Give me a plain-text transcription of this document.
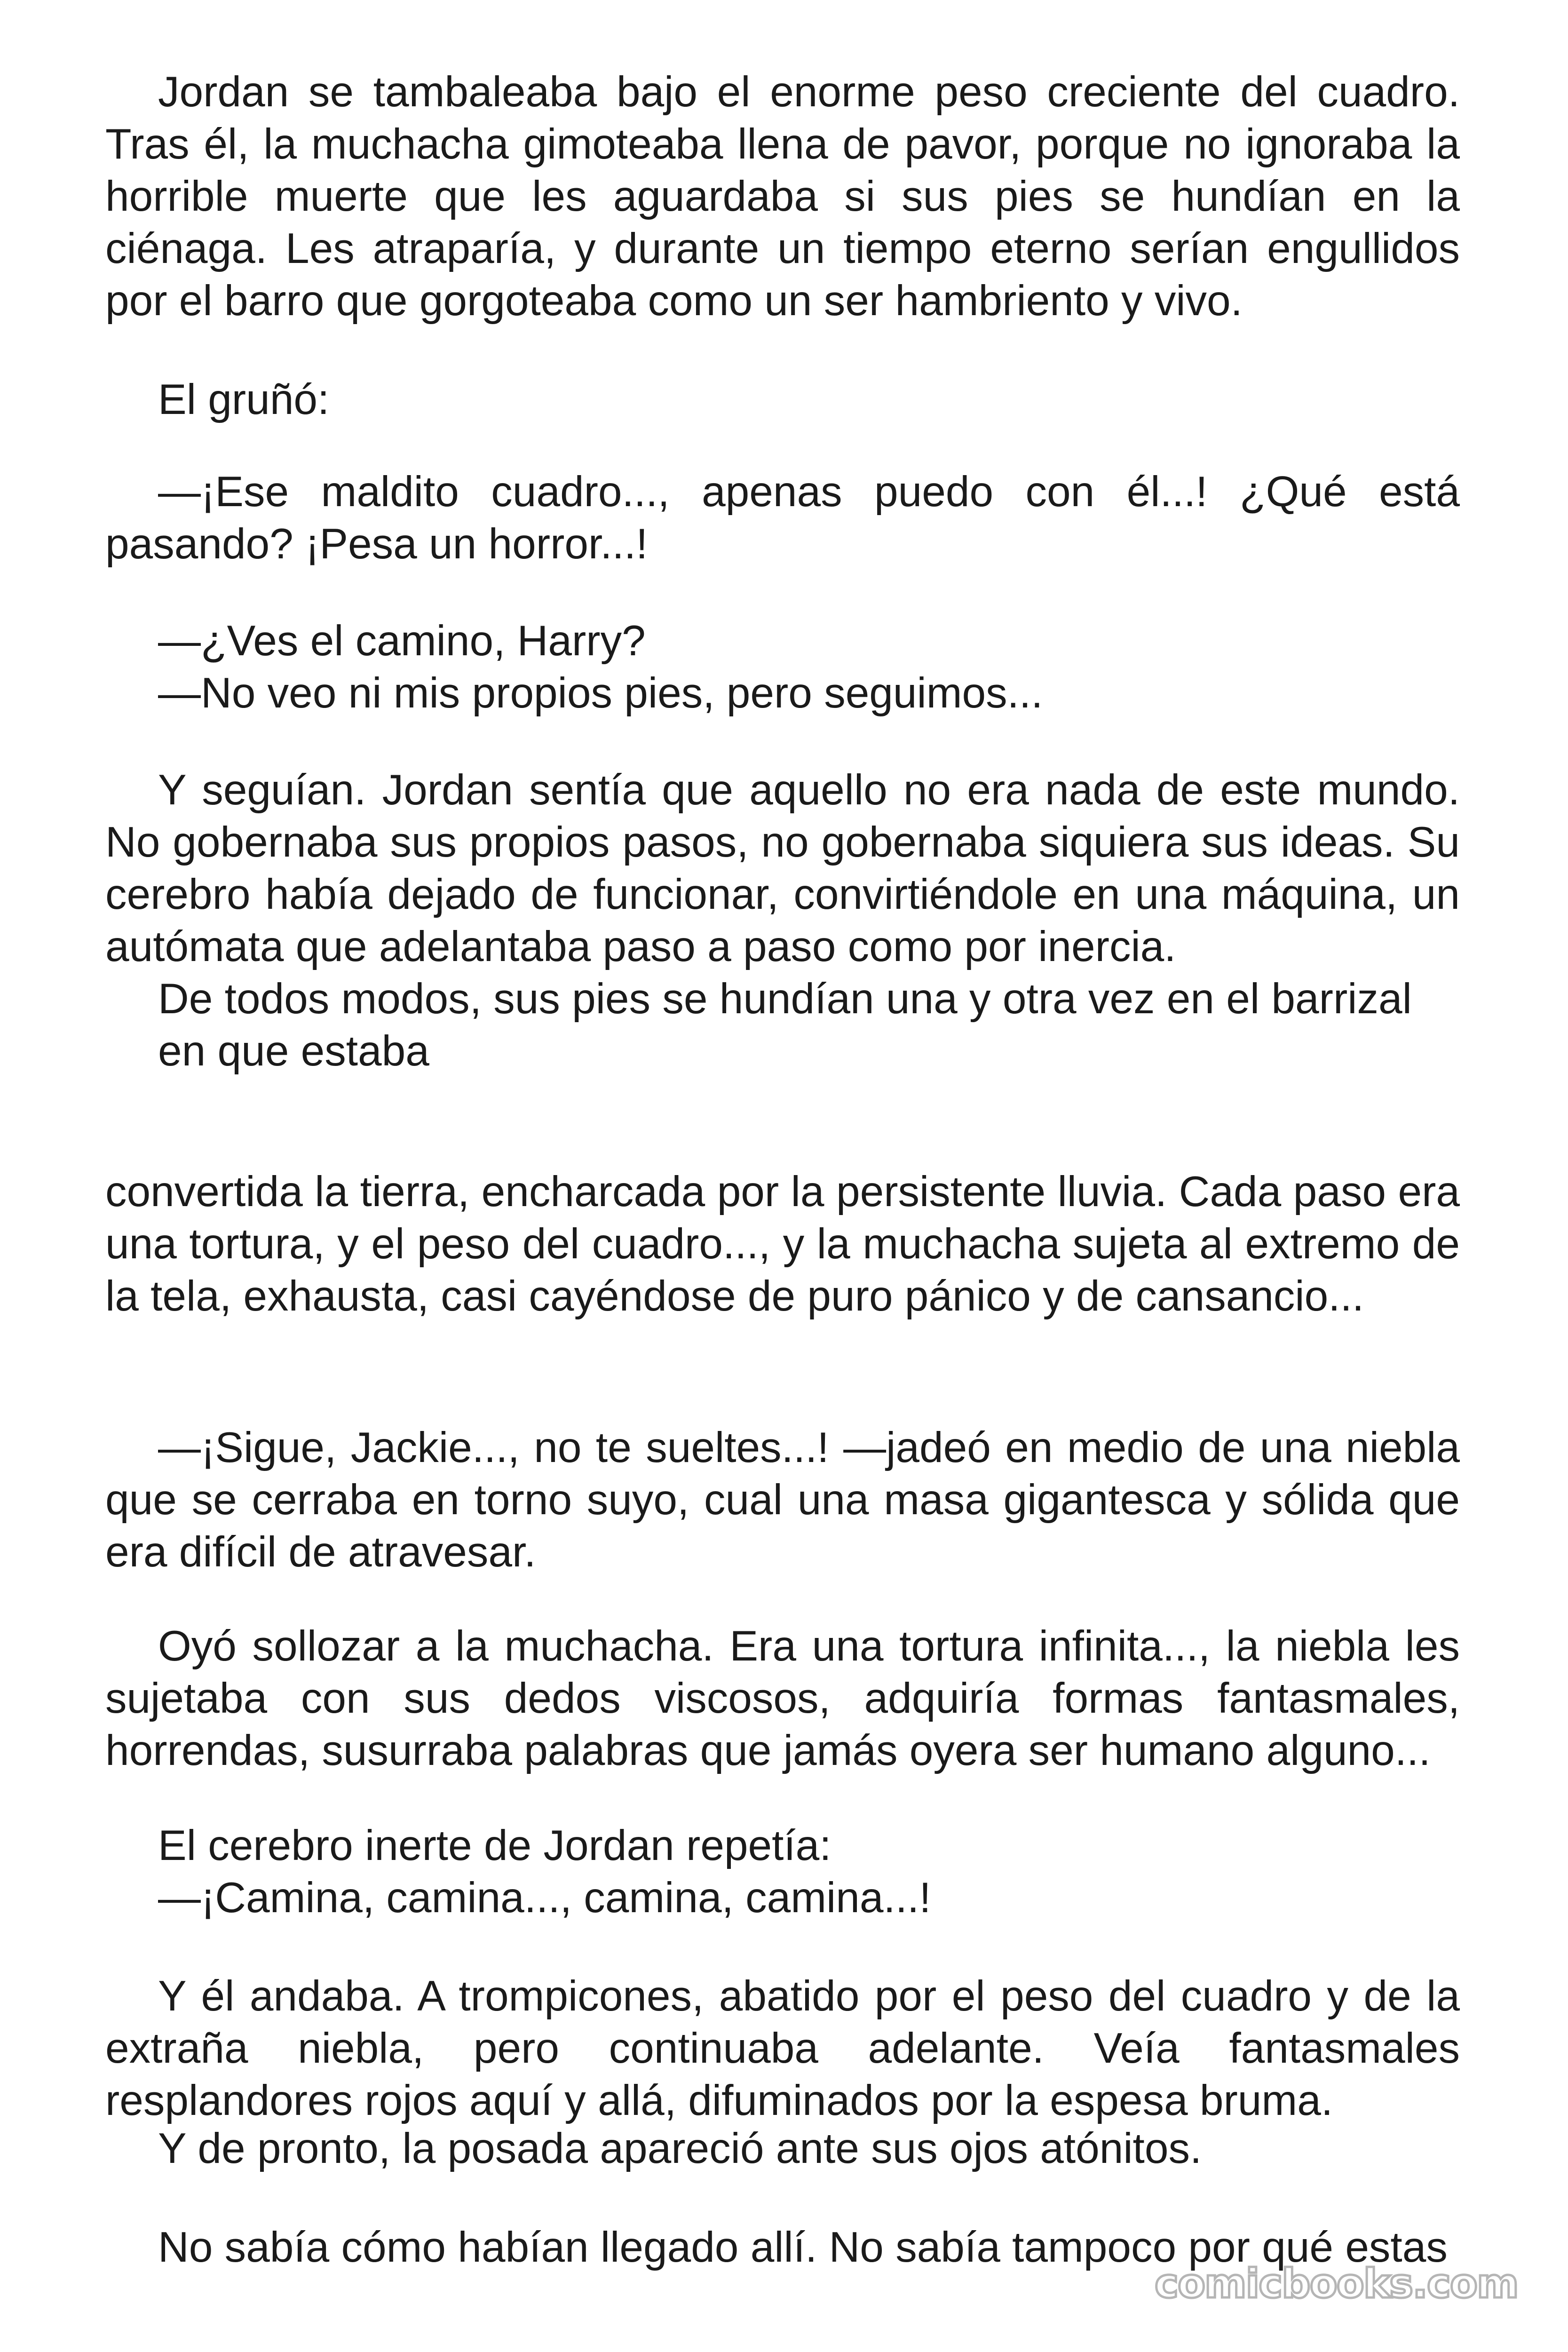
Jordan se tambaleaba bajo el enorme peso creciente del cuadro. Tras él, la muchacha gimoteaba llena de pavor, porque no ignoraba la horrible muerte que les aguardaba si sus pies se hundían en la ciénaga. Les atraparía, y durante un tiempo eterno serían engullidos por el barro que gorgoteaba como un ser hambriento y vivo.

El gruñó:

—¡Ese maldito cuadro..., apenas puedo con él...! ¿Qué está pasando? ¡Pesa un horror...!

—¿Ves el camino, Harry?

—No veo ni mis propios pies, pero seguimos...

Y seguían. Jordan sentía que aquello no era nada de este mundo. No gobernaba sus propios pasos, no gobernaba siquiera sus ideas. Su cerebro había dejado de funcionar, convirtiéndole en una máquina, un autómata que adelantaba paso a paso como por inercia.

De todos modos, sus pies se hundían una y otra vez en el barrizal

en que estaba

convertida la tierra, encharcada por la persistente lluvia. Cada paso era una tortura, y el peso del cuadro..., y la muchacha sujeta al extremo de la tela, exhausta, casi cayéndose de puro pánico y de cansancio...

—¡Sigue, Jackie..., no te sueltes...! —jadeó en medio de una niebla que se cerraba en torno suyo, cual una masa gigantesca y sólida que era difícil de atravesar.

Oyó sollozar a la muchacha. Era una tortura infinita..., la niebla les sujetaba con sus dedos viscosos, adquiría formas fantasmales, horrendas, susurraba palabras que jamás oyera ser humano alguno...

El cerebro inerte de Jordan repetía:

—¡Camina, camina..., camina, camina...!

Y él andaba. A trompicones, abatido por el peso del cuadro y de la extraña niebla, pero continuaba adelante. Veía fantasmales resplandores rojos aquí y allá, difuminados por la espesa bruma.

Y de pronto, la posada apareció ante sus ojos atónitos.

No sabía cómo habían llegado allí. No sabía tampoco por qué estas

comicbooks.com
